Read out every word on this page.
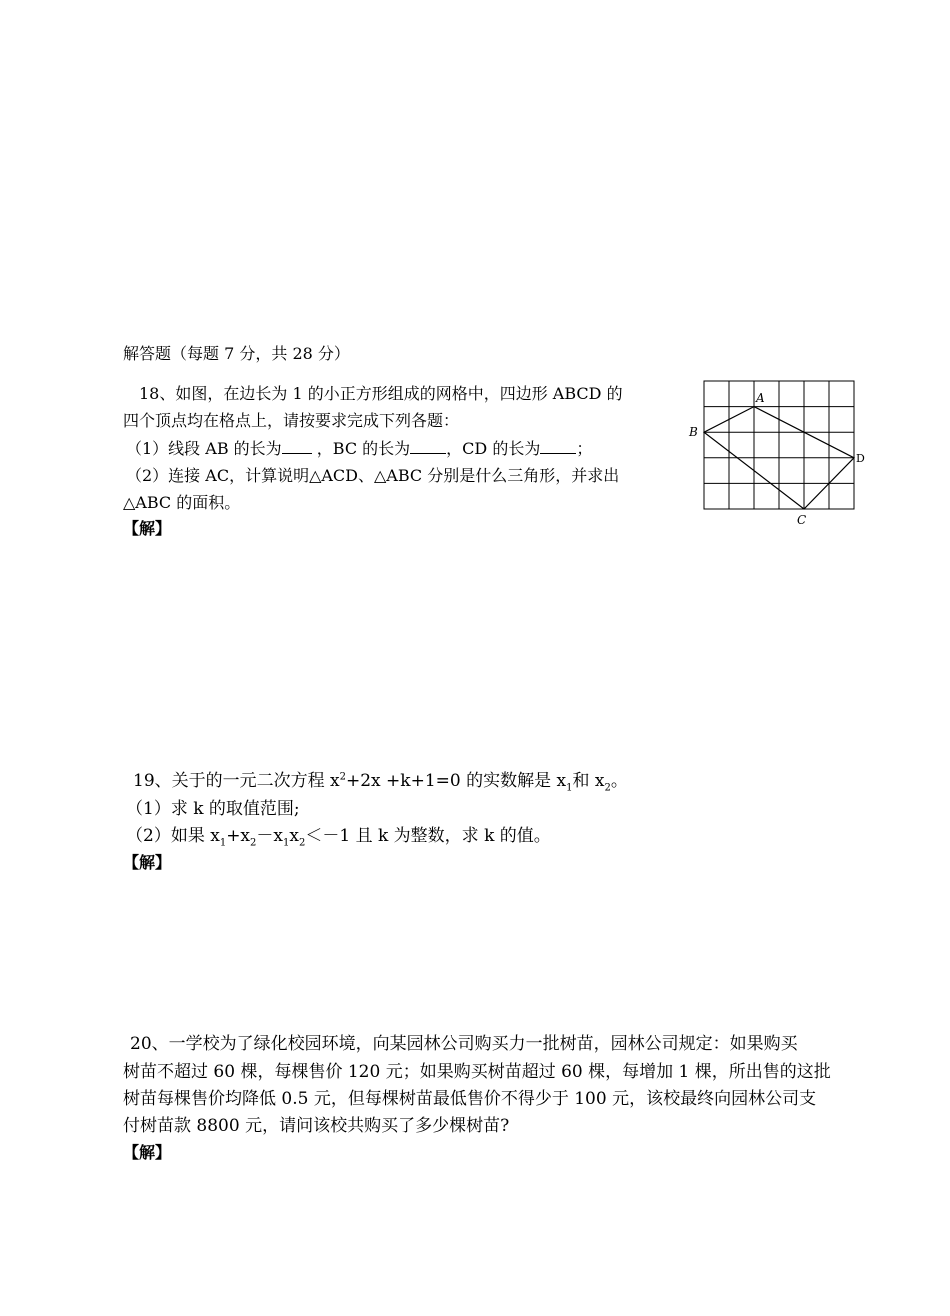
解答题（每题 7 分，共 28 分）
18、如图，在边长为 1 的小正方形组成的网格中，四边形 ABCD 的
四个顶点均在格点上，请按要求完成下列各题：
（1）线段 AB 的长为 ，BC 的长为 ，CD 的长为 ；
（2）连接 AC，计算说明△ACD、△ABC 分别是什么三角形，并求出
△ABC 的面积。
【解】
A
B
C
D
19、关于的一元二次方程 $x^2+2x +k+1=0$ 的实数解是 $x_1$和 $x_2$。
（1）求 k 的取值范围;
（2）如果 $x_1+x_2-x_1x_2<-1$ 且 k 为整数，求 k 的值。
【解】
20、一学校为了绿化校园环境，向某园林公司购买力一批树苗，园林公司规定：如果购买
树苗不超过 60 棵，每棵售价 120 元；如果购买树苗超过 60 棵，每增加 1 棵，所出售的这批
树苗每棵售价均降低 0.5 元，但每棵树苗最低售价不得少于 100 元，该校最终向园林公司支
付树苗款 8800 元，请问该校共购买了多少棵树苗?
【解】
